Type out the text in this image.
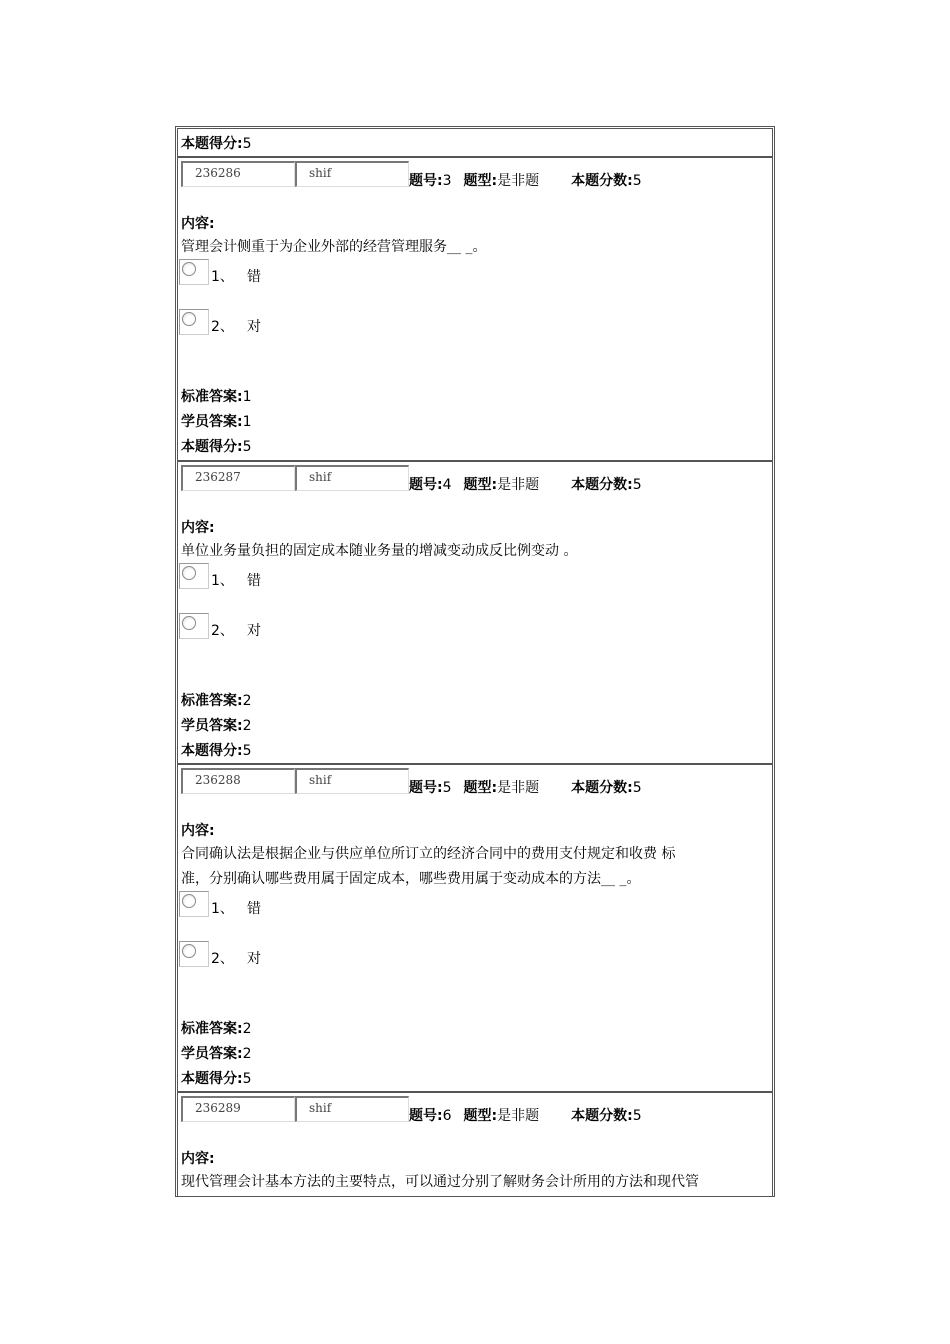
本题得分:5
236286	shif	题号:3 题型:是非题 本题分数:5
内容:
管理会计侧重于为企业外部的经营管理服务__ _。
1、 错
2、 对
标准答案:1
学员答案:1
本题得分:5
236287	shif	题号:4 题型:是非题 本题分数:5
内容:
单位业务量负担的固定成本随业务量的增减变动成反比例变动 。
1、 错
2、 对
标准答案:2
学员答案:2
本题得分:5
236288	shif	题号:5 题型:是非题 本题分数:5
内容:
合同确认法是根据企业与供应单位所订立的经济合同中的费用支付规定和收费 标
准，分别确认哪些费用属于固定成本，哪些费用属于变动成本的方法__ _。
1、 错
2、 对
标准答案:2
学员答案:2
本题得分:5
236289	shif	题号:6 题型:是非题 本题分数:5
内容:
现代管理会计基本方法的主要特点，可以通过分别了解财务会计所用的方法和现代管
